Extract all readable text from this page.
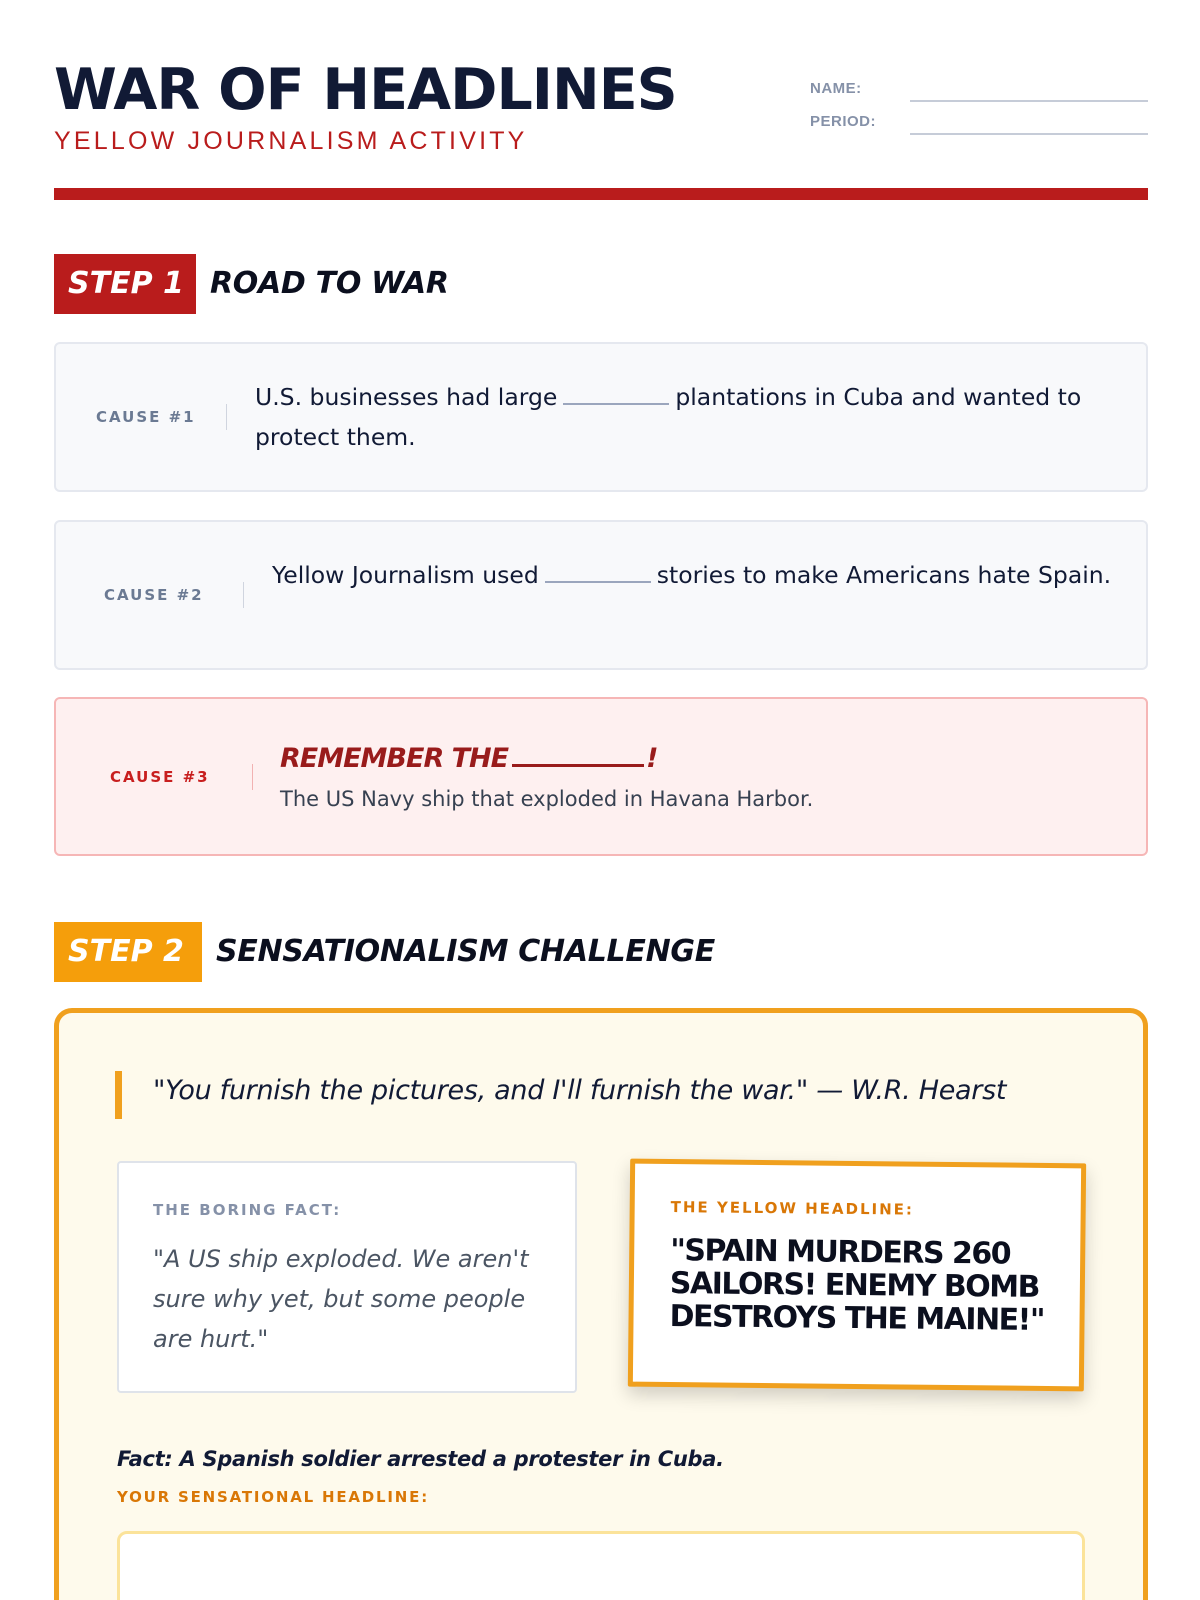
WAR OF HEADLINES
YELLOW JOURNALISM ACTIVITY
NAME:
PERIOD:
STEP 1 ROAD TO WAR
CAUSE #1
U.S. businesses had large	plantations in Cuba and wanted to protect them.
CAUSE #2
Yellow Journalism used	stories to make Americans hate Spain.
CAUSE #3
REMEMBER THE	!
The US Navy ship that exploded in Havana Harbor.
STEP 2	SENSATIONALISM CHALLENGE
"You furnish the pictures, and I'll furnish the war." — W.R. Hearst
THE BORING FACT:
"A US ship exploded. We aren't sure why yet, but some people are hurt."
THE YELLOW HEADLINE:
"SPAIN MURDERS 260 SAILORS! ENEMY BOMB DESTROYS THE MAINE!"
Fact: A Spanish soldier arrested a protester in Cuba.
YOUR SENSATIONAL HEADLINE:
